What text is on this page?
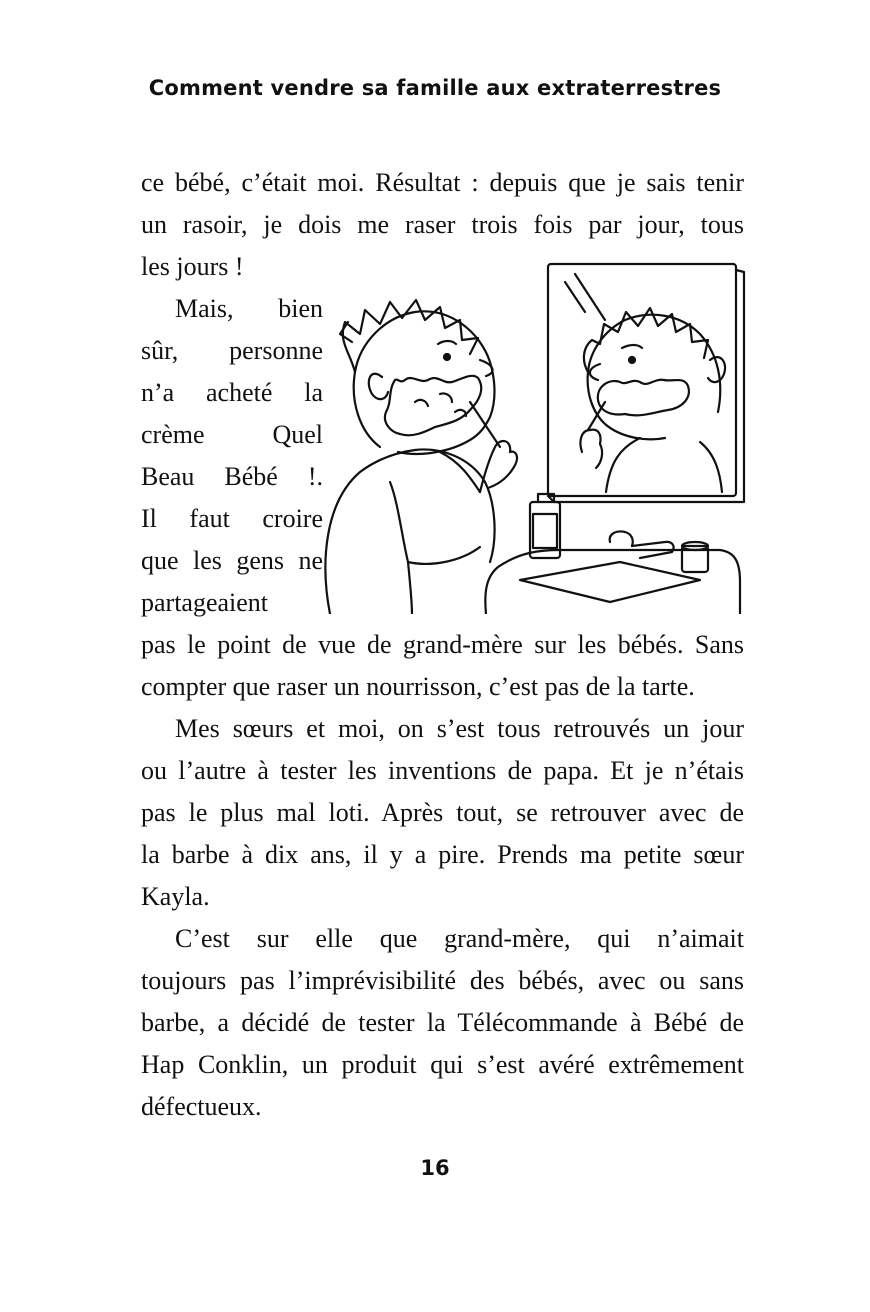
Comment vendre sa famille aux extraterrestres
ce bébé, c’était moi. Résultat : depuis que je sais tenir
un rasoir, je dois me raser trois fois par jour, tous
les jours !
Mais, bien
sûr, personne
n’a acheté la
crème Quel
Beau Bébé !.
Il faut croire
que les gens ne
partageaient
pas le point de vue de grand-mère sur les bébés. Sans
compter que raser un nourrisson, c’est pas de la tarte.
Mes sœurs et moi, on s’est tous retrouvés un jour
ou l’autre à tester les inventions de papa. Et je n’étais
pas le plus mal loti. Après tout, se retrouver avec de
la barbe à dix ans, il y a pire. Prends ma petite sœur
Kayla.
C’est sur elle que grand-mère, qui n’aimait
toujours pas l’imprévisibilité des bébés, avec ou sans
barbe, a décidé de tester la Télécommande à Bébé de
Hap Conklin, un produit qui s’est avéré extrêmement
défectueux.
16
